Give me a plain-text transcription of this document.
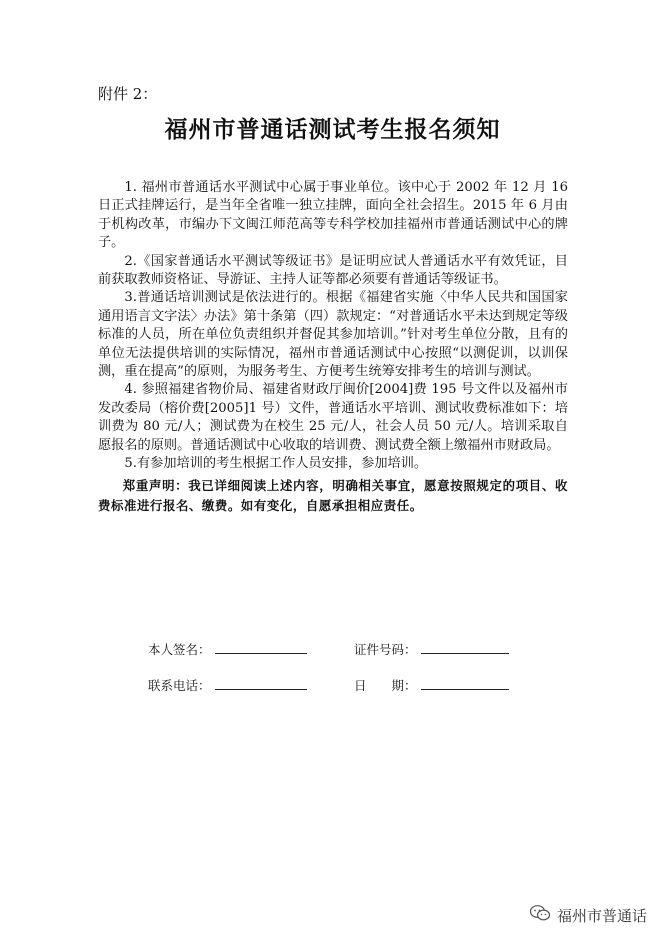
附件 2：
福州市普通话测试考生报名须知

1. 福州市普通话水平测试中心属于事业单位。该中心于 2002 年 12 月 16 日正式挂牌运行，是当年全省唯一独立挂牌，面向全社会招生。2015 年 6 月由于机构改革，市编办下文闽江师范高等专科学校加挂福州市普通话测试中心的牌子。

2.《国家普通话水平测试等级证书》是证明应试人普通话水平有效凭证，目前获取教师资格证、导游证、主持人证等都必须要有普通话等级证书。

3.普通话培训测试是依法进行的。根据《福建省实施〈中华人民共和国国家通用语言文字法〉办法》第十条第（四）款规定：“对普通话水平未达到规定等级标准的人员，所在单位负责组织并督促其参加培训。”针对考生单位分散，且有的单位无法提供培训的实际情况，福州市普通话测试中心按照“以测促训，以训保测，重在提高”的原则，为服务考生、方便考生统筹安排考生的培训与测试。

4. 参照福建省物价局、福建省财政厅闽价[2004]费 195 号文件以及福州市发改委局（榕价费[2005]1 号）文件，普通话水平培训、测试收费标准如下：培训费为 80 元/人；测试费为在校生 25 元/人，社会人员 50 元/人。培训采取自愿报名的原则。普通话测试中心收取的培训费、测试费全额上缴福州市财政局。

5.有参加培训的考生根据工作人员安排，参加培训。

郑重声明：我已详细阅读上述内容，明确相关事宜，愿意按照规定的项目、收费标准进行报名、缴费。如有变化，自愿承担相应责任。

本人签名：	证件号码：
联系电话：	日　　期：
福州市普通话
